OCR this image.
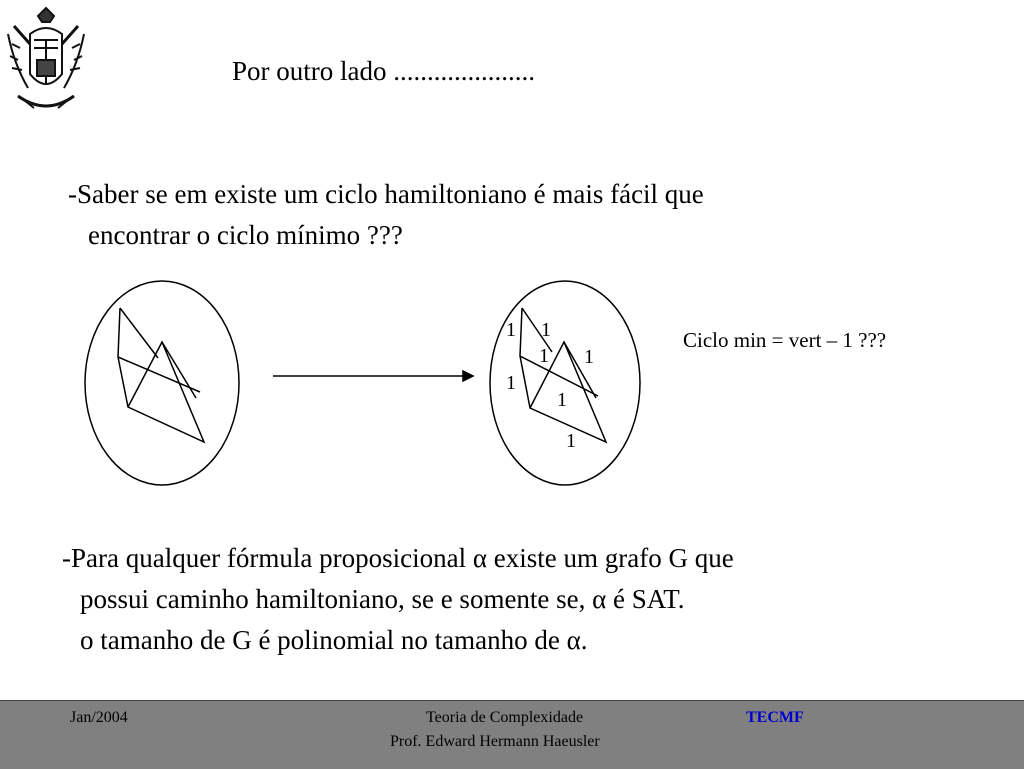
Por outro lado .....................
-Saber se em existe um ciclo hamiltoniano é mais fácil que
encontrar o ciclo mínimo ???
1 1
1 1
1
1
1
Ciclo min = vert – 1 ???
-Para qualquer fórmula proposicional α existe um grafo G que
possui caminho hamiltoniano, se e somente se, α é SAT.
o tamanho de G é polinomial no tamanho de α.
Jan/2004	Teoria de Complexidade
Prof. Edward Hermann Haeusler
TECMF
